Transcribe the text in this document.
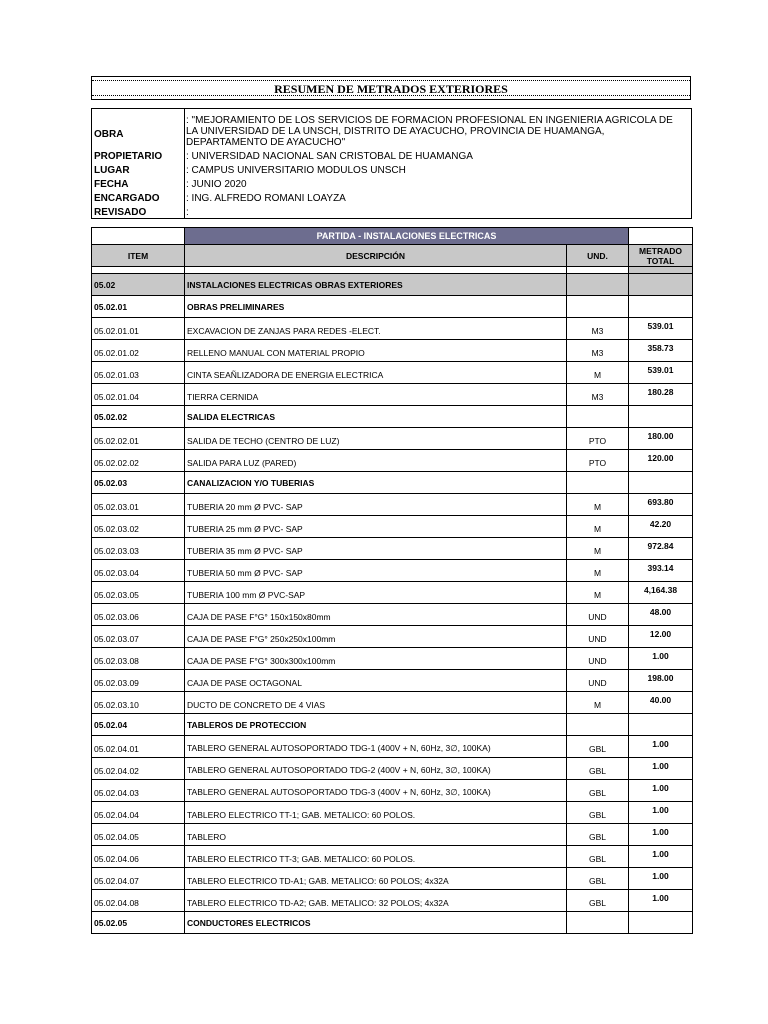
RESUMEN DE METRADOS EXTERIORES
OBRA
: "MEJORAMIENTO DE LOS SERVICIOS DE FORMACION PROFESIONAL EN INGENIERIA AGRICOLA DE LA UNIVERSIDAD DE LA UNSCH, DISTRITO DE AYACUCHO, PROVINCIA DE HUAMANGA, DEPARTAMENTO DE AYACUCHO"
PROPIETARIO : UNIVERSIDAD NACIONAL SAN CRISTOBAL DE HUAMANGA
LUGAR	: CAMPUS UNIVERSITARIO MODULOS UNSCH
FECHA	: JUNIO 2020
ENCARGADO	: ING. ALFREDO ROMANI LOAYZA
REVISADO	:
	PARTIDA - INSTALACIONES ELECTRICAS		
ITEM	DESCRIPCIÓN	UND.	METRADO
TOTAL

05.02	INSTALACIONES ELECTRICAS OBRAS EXTERIORES		
05.02.01	OBRAS PRELIMINARES		
05.02.01.01	EXCAVACION DE ZANJAS PARA REDES -ELECT.	M3	539.01
05.02.01.02	RELLENO MANUAL CON MATERIAL PROPIO	M3	358.73
05.02.01.03	CINTA SEAÑLIZADORA DE ENERGIA ELECTRICA	M	539.01
05.02.01.04	TIERRA CERNIDA	M3	180.28
05.02.02	SALIDA ELECTRICAS		
05.02.02.01	SALIDA DE TECHO (CENTRO DE LUZ)	PTO	180.00
05.02.02.02	SALIDA PARA LUZ (PARED)	PTO	120.00
05.02.03	CANALIZACION Y/O TUBERIAS		
05.02.03.01	TUBERIA 20 mm Ø PVC- SAP	M	693.80
05.02.03.02	TUBERIA 25 mm Ø PVC- SAP	M	42.20
05.02.03.03	TUBERIA 35 mm Ø PVC- SAP	M	972.84
05.02.03.04	TUBERIA 50 mm Ø PVC- SAP	M	393.14
05.02.03.05	TUBERIA 100 mm Ø PVC-SAP	M	4,164.38
05.02.03.06	CAJA DE PASE F°G° 150x150x80mm	UND	48.00
05.02.03.07	CAJA DE PASE F°G° 250x250x100mm	UND	12.00
05.02.03.08	CAJA DE PASE F°G° 300x300x100mm	UND	1.00
05.02.03.09	CAJA DE PASE OCTAGONAL	UND	198.00
05.02.03.10	DUCTO DE CONCRETO DE 4 VIAS	M	40.00
05.02.04	TABLEROS DE PROTECCION		
05.02.04.01	TABLERO GENERAL AUTOSOPORTADO TDG-1 (400V + N, 60Hz, 3∅, 100KA)	GBL	1.00
05.02.04.02	TABLERO GENERAL AUTOSOPORTADO TDG-2 (400V + N, 60Hz, 3∅, 100KA)	GBL	1.00
05.02.04.03	TABLERO GENERAL AUTOSOPORTADO TDG-3 (400V + N, 60Hz, 3∅, 100KA)	GBL	1.00
05.02.04.04	TABLERO ELECTRICO TT-1; GAB. METALICO: 60 POLOS.	GBL	1.00
05.02.04.05	TABLERO	GBL	1.00
05.02.04.06	TABLERO ELECTRICO TT-3; GAB. METALICO: 60 POLOS.	GBL	1.00
05.02.04.07	TABLERO ELECTRICO TD-A1; GAB. METALICO: 60 POLOS; 4x32A	GBL	1.00
05.02.04.08	TABLERO ELECTRICO TD-A2; GAB. METALICO: 32 POLOS; 4x32A	GBL	1.00
05.02.05	CONDUCTORES ELECTRICOS		
